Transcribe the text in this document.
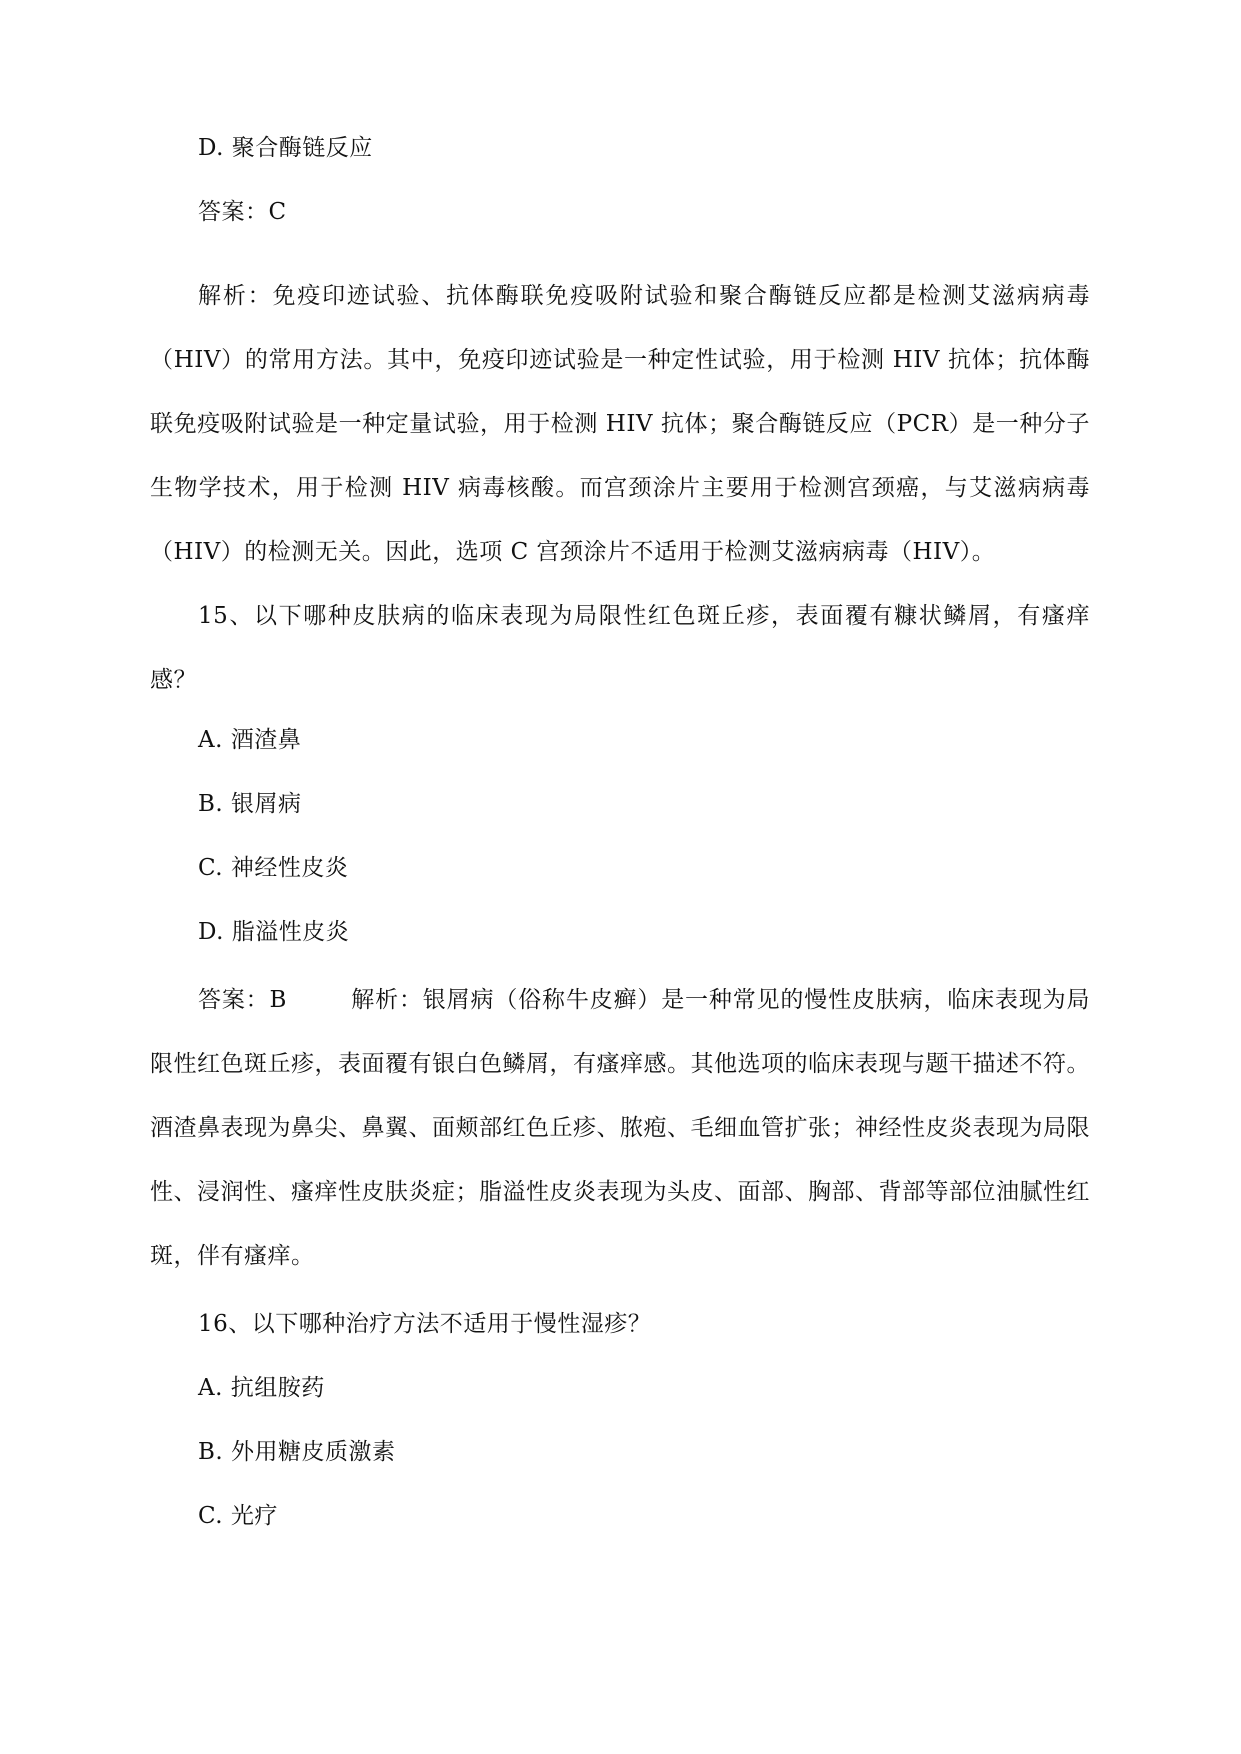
D. 聚合酶链反应
答案：C
解析：免疫印迹试验、抗体酶联免疫吸附试验和聚合酶链反应都是检测艾滋病病毒（HIV）的常用方法。其中，免疫印迹试验是一种定性试验，用于检测 HIV 抗体；抗体酶联免疫吸附试验是一种定量试验，用于检测 HIV 抗体；聚合酶链反应（PCR）是一种分子生物学技术，用于检测 HIV 病毒核酸。而宫颈涂片主要用于检测宫颈癌，与艾滋病病毒（HIV）的检测无关。因此，选项 C 宫颈涂片不适用于检测艾滋病病毒（HIV）。
15、以下哪种皮肤病的临床表现为局限性红色斑丘疹，表面覆有糠状鳞屑，有瘙痒感？
A. 酒渣鼻
B. 银屑病
C. 神经性皮炎
D. 脂溢性皮炎
答案：B	解析：银屑病（俗称牛皮癣）是一种常见的慢性皮肤病，临床表现为局限性红色斑丘疹，表面覆有银白色鳞屑，有瘙痒感。其他选项的临床表现与题干描述不符。酒渣鼻表现为鼻尖、鼻翼、面颊部红色丘疹、脓疱、毛细血管扩张；神经性皮炎表现为局限性、浸润性、瘙痒性皮肤炎症；脂溢性皮炎表现为头皮、面部、胸部、背部等部位油腻性红斑，伴有瘙痒。
16、以下哪种治疗方法不适用于慢性湿疹？
A. 抗组胺药
B. 外用糖皮质激素
C. 光疗
